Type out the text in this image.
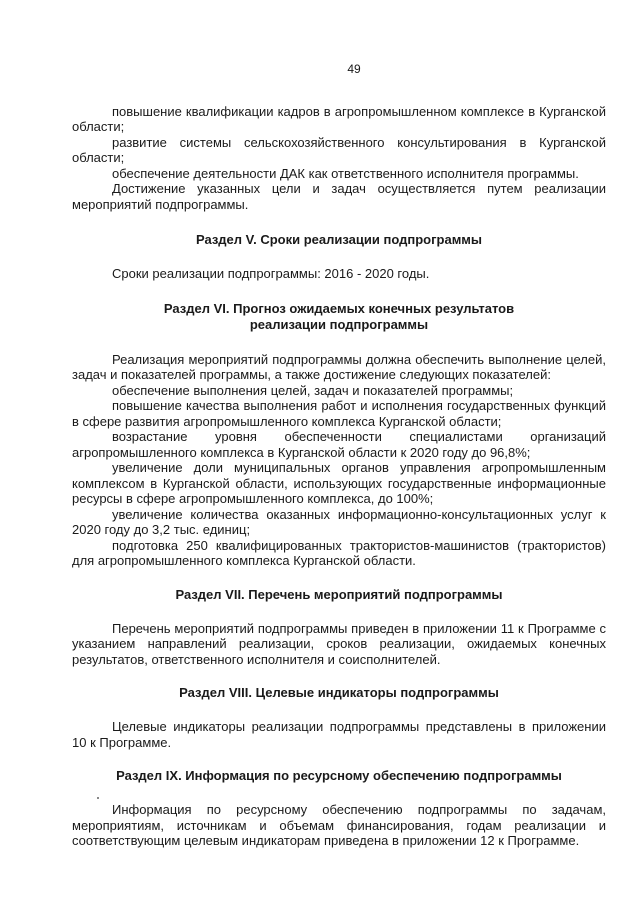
49

повышение квалификации кадров в агропромышленном комплексе в Курганской области;

развитие системы сельскохозяйственного консультирования в Курганской области;

обеспечение деятельности ДАК как ответственного исполнителя программы.

Достижение указанных цели и задач осуществляется путем реализации мероприятий подпрограммы.

Раздел V. Сроки реализации подпрограммы

Сроки реализации подпрограммы: 2016 - 2020 годы.

Раздел VI. Прогноз ожидаемых конечных результатов
реализации подпрограммы

Реализация мероприятий подпрограммы должна обеспечить выполнение целей, задач и показателей программы, а также достижение следующих показателей:

обеспечение выполнения целей, задач и показателей программы;

повышение качества выполнения работ и исполнения государственных функций в сфере развития агропромышленного комплекса Курганской области;

возрастание уровня обеспеченности специалистами организаций агропромышленного комплекса в Курганской области к 2020 году до 96,8%;

увеличение доли муниципальных органов управления агропромышленным комплексом в Курганской области, использующих государственные информационные ресурсы в сфере агропромышленного комплекса, до 100%;

увеличение количества оказанных информационно-консультационных услуг к 2020 году до 3,2 тыс. единиц;

подготовка 250 квалифицированных трактористов-машинистов (трактористов) для агропромышленного комплекса Курганской области.

Раздел VII. Перечень мероприятий подпрограммы

Перечень мероприятий подпрограммы приведен в приложении 11 к Программе с указанием направлений реализации, сроков реализации, ожидаемых конечных результатов, ответственного исполнителя и соисполнителей.

Раздел VIII. Целевые индикаторы подпрограммы

Целевые индикаторы реализации подпрограммы представлены в приложении 10 к Программе.

Раздел IX. Информация по ресурсному обеспечению подпрограммы

Информация по ресурсному обеспечению подпрограммы по задачам, мероприятиям, источникам и объемам финансирования, годам реализации и соответствующим целевым индикаторам приведена в приложении 12 к Программе.
